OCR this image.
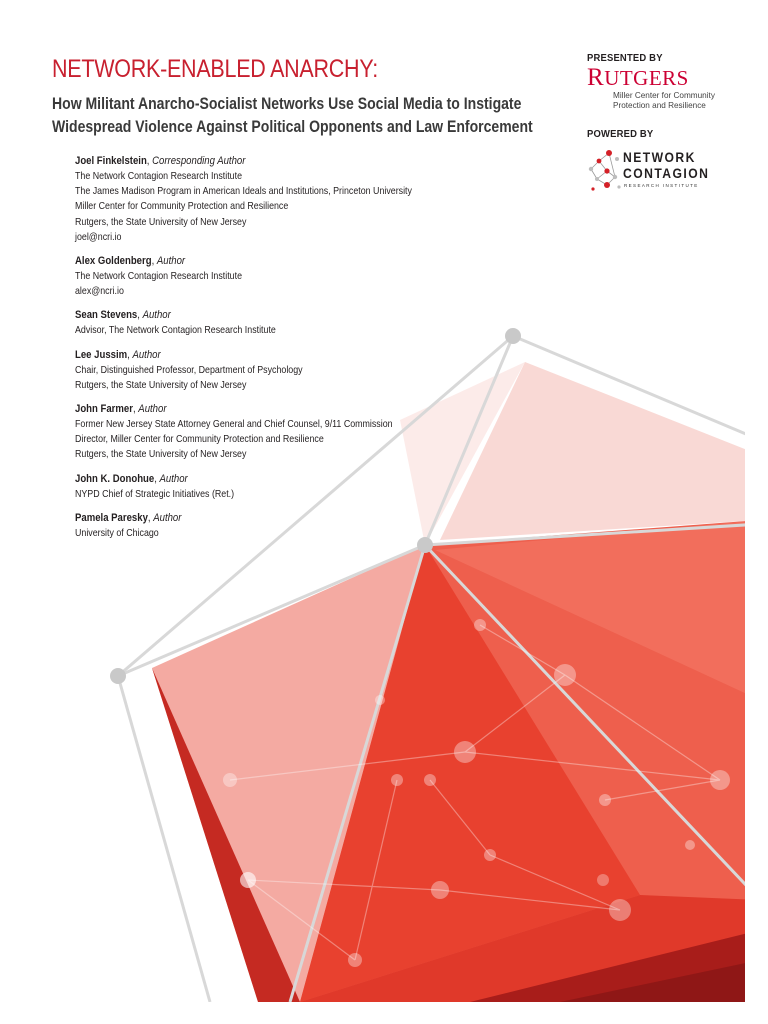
NETWORK-ENABLED ANARCHY:
How Militant Anarcho-Socialist Networks Use Social Media to Instigate
Widespread Violence Against Political Opponents and Law Enforcement
Joel Finkelstein, Corresponding Author
The Network Contagion Research Institute
The James Madison Program in American Ideals and Institutions, Princeton University
Miller Center for Community Protection and Resilience
Rutgers, the State University of New Jersey
joel@ncri.io
Alex Goldenberg, Author
The Network Contagion Research Institute
alex@ncri.io
Sean Stevens, Author
Advisor, The Network Contagion Research Institute
Lee Jussim, Author
Chair, Distinguished Professor, Department of Psychology
Rutgers, the State University of New Jersey
John Farmer, Author
Former New Jersey State Attorney General and Chief Counsel, 9/11 Commission
Director, Miller Center for Community Protection and Resilience
Rutgers, the State University of New Jersey
John K. Donohue, Author
NYPD Chief of Strategic Initiatives (Ret.)
Pamela Paresky, Author
University of Chicago
PRESENTED BY
RUTGERS
Miller Center for Community
Protection and Resilience
POWERED BY
NETWORK
CONTAGION
RESEARCH INSTITUTE
